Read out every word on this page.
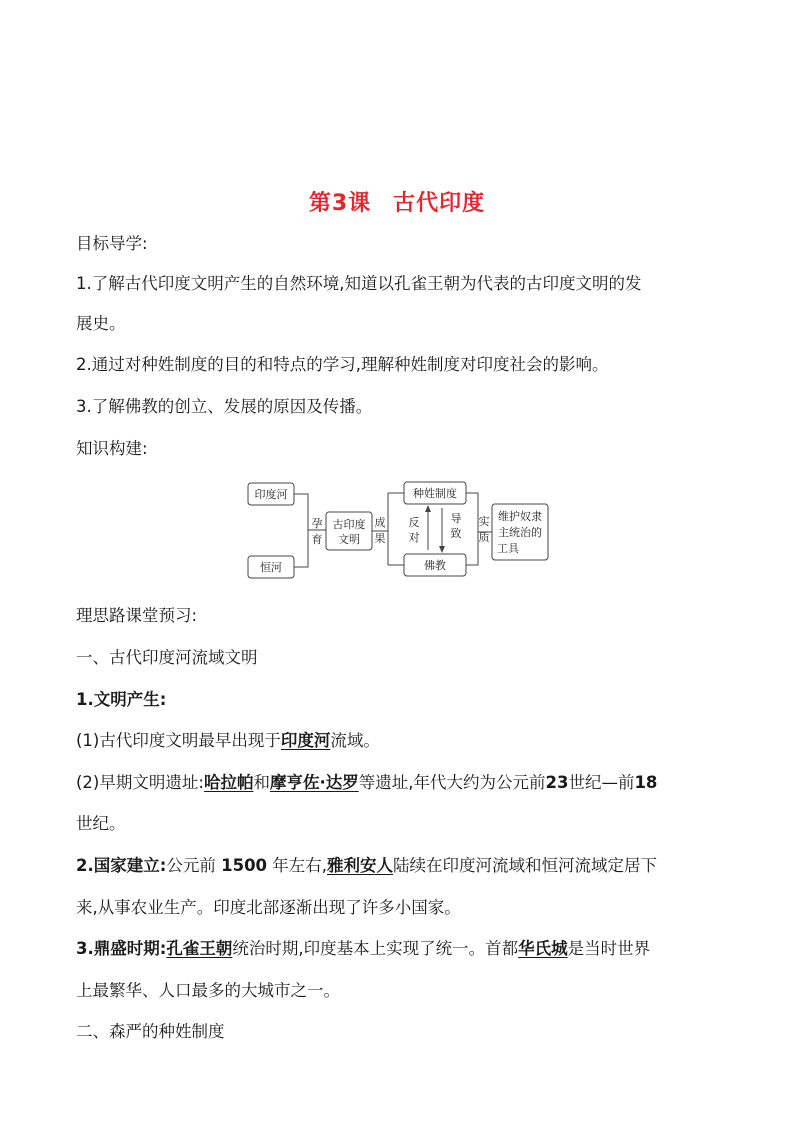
第3课 古代印度
目标导学:
1.了解古代印度文明产生的自然环境,知道以孔雀王朝为代表的古印度文明的发
展史。
2.通过对种姓制度的目的和特点的学习,理解种姓制度对印度社会的影响。
3.了解佛教的创立、发展的原因及传播。
知识构建:
印度河
恒河
孕
育
古印度
文明
成
果
种姓制度
佛教
反
对
导
致
实
质
维护奴隶
主统治的
工具
理思路课堂预习:
一、古代印度河流域文明
1.文明产生:
(1)古代印度文明最早出现于印度河流域。
(2)早期文明遗址:哈拉帕和摩亨佐·达罗等遗址,年代大约为公元前23世纪—前18
世纪。
2.国家建立:公元前 1500 年左右,雅利安人陆续在印度河流域和恒河流域定居下
来,从事农业生产。印度北部逐渐出现了许多小国家。
3.鼎盛时期:孔雀王朝统治时期,印度基本上实现了统一。首都华氏城是当时世界
上最繁华、人口最多的大城市之一。
二、森严的种姓制度
